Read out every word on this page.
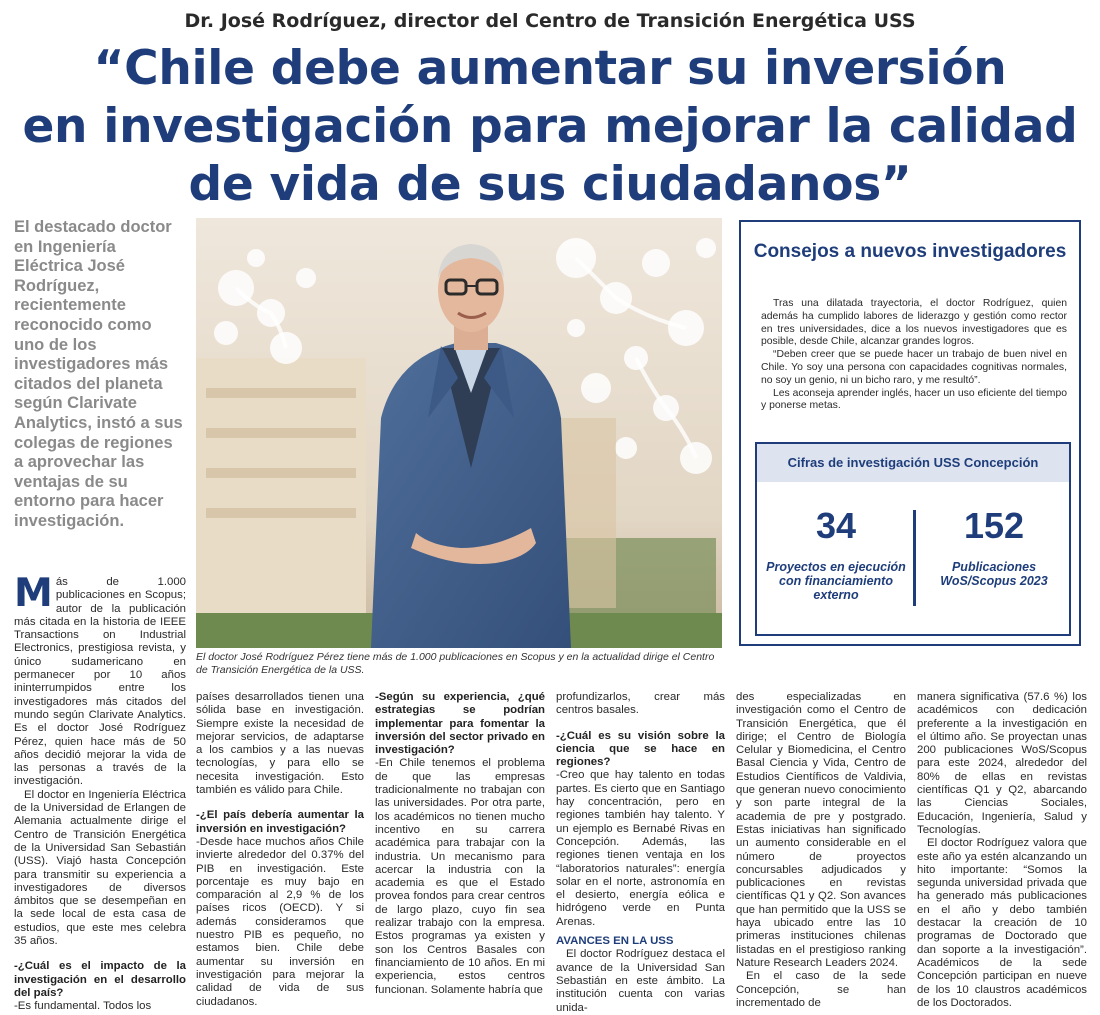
Dr. José Rodríguez, director del Centro de Transición Energética USS
“Chile debe aumentar su inversión
en investigación para mejorar la calidad
de vida de sus ciudadanos”
El destacado doctor en Ingeniería Eléctrica José Rodríguez, recientemente reconocido como uno de los investigadores más citados del planeta según Clarivate Analytics, instó a sus colegas de regiones a aprovechar las ventajas de su entorno para hacer investigación.
El doctor José Rodríguez Pérez tiene más de 1.000 publicaciones en Scopus y en la actualidad dirige el Centro de Transición Energética de la USS.
Consejos a nuevos investigadores

Tras una dilatada trayectoria, el doctor Rodríguez, quien además ha cumplido labores de liderazgo y gestión como rector en tres universidades, dice a los nuevos investigadores que es posible, desde Chile, alcanzar grandes logros.

“Deben creer que se puede hacer un trabajo de buen nivel en Chile. Yo soy una persona con capacidades cognitivas normales, no soy un genio, ni un bicho raro, y me resultó”.

Les aconseja aprender inglés, hacer un uso eficiente del tiempo y ponerse metas.

Cifras de investigación USS Concepción
34
Proyectos en ejecución con financiamiento externo
152
Publicaciones WoS/Scopus 2023
M ás de 1.000 publicaciones en Scopus; autor de la publicación más citada en la historia de IEEE Transactions on Industrial Electronics, prestigiosa revista, y único sudamericano en permanecer por 10 años ininterrumpidos entre los investigadores más citados del mundo según Clarivate Analytics. Es el doctor José Rodríguez Pérez, quien hace más de 50 años decidió mejorar la vida de las personas a través de la investigación.

El doctor en Ingeniería Eléctrica de la Universidad de Erlangen de Alemania actualmente dirige el Centro de Transición Energética de la Universidad San Sebastián (USS). Viajó hasta Concepción para transmitir su experiencia a investigadores de diversos ámbitos que se desempeñan en la sede local de esta casa de estudios, que este mes celebra 35 años.

-¿Cuál es el impacto de la investigación en el desarrollo del país?

-Es fundamental. Todos los

países desarrollados tienen una sólida base en investigación. Siempre existe la necesidad de mejorar servicios, de adaptarse a los cambios y a las nuevas tecnologías, y para ello se necesita investigación. Esto también es válido para Chile.

-¿El país debería aumentar la inversión en investigación?

-Desde hace muchos años Chile invierte alrededor del 0.37% del PIB en investigación. Este porcentaje es muy bajo en comparación al 2,9 % de los países ricos (OECD). Y si además consideramos que nuestro PIB es pequeño, no estamos bien. Chile debe aumentar su inversión en investigación para mejorar la calidad de vida de sus ciudadanos.

-Según su experiencia, ¿qué estrategias se podrían implementar para fomentar la inversión del sector privado en investigación?

-En Chile tenemos el problema de que las empresas tradicionalmente no trabajan con las universidades. Por otra parte, los académicos no tienen mucho incentivo en su carrera académica para trabajar con la industria. Un mecanismo para acercar la industria con la academia es que el Estado provea fondos para crear centros de largo plazo, cuyo fin sea realizar trabajo con la empresa. Estos programas ya existen y son los Centros Basales con financiamiento de 10 años. En mi experiencia, estos centros funcionan. Solamente habría que

profundizarlos, crear más centros basales.

-¿Cuál es su visión sobre la ciencia que se hace en regiones?

-Creo que hay talento en todas partes. Es cierto que en Santiago hay concentración, pero en regiones también hay talento. Y un ejemplo es Bernabé Rivas en Concepción. Además, las regiones tienen ventaja en los “laboratorios naturales”: energía solar en el norte, astronomía en el desierto, energía eólica e hidrógeno verde en Punta Arenas.

AVANCES EN LA USS

El doctor Rodríguez destaca el avance de la Universidad San Sebastián en este ámbito. La institución cuenta con varias unida-

des especializadas en investigación como el Centro de Transición Energética, que él dirige; el Centro de Biología Celular y Biomedicina, el Centro Basal Ciencia y Vida, Centro de Estudios Científicos de Valdivia, que generan nuevo conocimiento y son parte integral de la academia de pre y postgrado. Estas iniciativas han significado un aumento considerable en el número de proyectos concursables adjudicados y publicaciones en revistas científicas Q1 y Q2. Son avances que han permitido que la USS se haya ubicado entre las 10 primeras instituciones chilenas listadas en el prestigioso ranking Nature Research Leaders 2024.

En el caso de la sede Concepción, se han incrementado de

manera significativa (57.6 %) los académicos con dedicación preferente a la investigación en el último año. Se proyectan unas 200 publicaciones WoS/Scopus para este 2024, alrededor del 80% de ellas en revistas científicas Q1 y Q2, abarcando las Ciencias Sociales, Educación, Ingeniería, Salud y Tecnologías.

El doctor Rodríguez valora que este año ya estén alcanzando un hito importante: “Somos la segunda universidad privada que ha generado más publicaciones en el año y debo también destacar la creación de 10 programas de Doctorado que dan soporte a la investigación”. Académicos de la sede Concepción participan en nueve de los 10 claustros académicos de los Doctorados.
